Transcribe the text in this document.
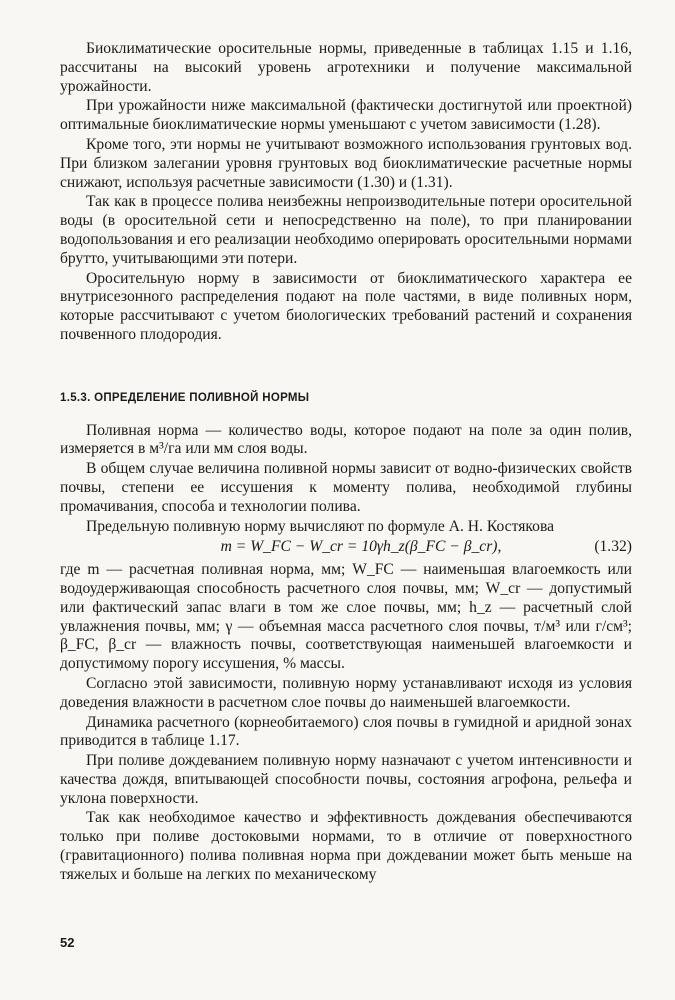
Биоклиматические оросительные нормы, приведенные в таблицах 1.15 и 1.16, рассчитаны на высокий уровень агротехники и получение максимальной урожайности.

При урожайности ниже максимальной (фактически достигнутой или проектной) оптимальные биоклиматические нормы уменьшают с учетом зависимости (1.28).

Кроме того, эти нормы не учитывают возможного использования грунтовых вод. При близком залегании уровня грунтовых вод биоклиматические расчетные нормы снижают, используя расчетные зависимости (1.30) и (1.31).

Так как в процессе полива неизбежны непроизводительные потери оросительной воды (в оросительной сети и непосредственно на поле), то при планировании водопользования и его реализации необходимо оперировать оросительными нормами брутто, учитывающими эти потери.

Оросительную норму в зависимости от биоклиматического характера ее внутрисезонного распределения подают на поле частями, в виде поливных норм, которые рассчитывают с учетом биологических требований растений и сохранения почвенного плодородия.

1.5.3. ОПРЕДЕЛЕНИЕ ПОЛИВНОЙ НОРМЫ

Поливная норма — количество воды, которое подают на поле за один полив, измеряется в м³/га или мм слоя воды.

В общем случае величина поливной нормы зависит от водно-физических свойств почвы, степени ее иссушения к моменту полива, необходимой глубины промачивания, способа и технологии полива.

Предельную поливную норму вычисляют по формуле А. Н. Костякова

m = W_FC − W_cr = 10γh_z(β_FC − β_cr),	(1.32)

где m — расчетная поливная норма, мм; W_FC — наименьшая влагоемкость или водоудерживающая способность расчетного слоя почвы, мм; W_cr — допустимый или фактический запас влаги в том же слое почвы, мм; h_z — расчетный слой увлажнения почвы, мм; γ — объемная масса расчетного слоя почвы, т/м³ или г/см³; β_FC, β_cr — влажность почвы, соответствующая наименьшей влагоемкости и допустимому порогу иссушения, % массы.

Согласно этой зависимости, поливную норму устанавливают исходя из условия доведения влажности в расчетном слое почвы до наименьшей влагоемкости.

Динамика расчетного (корнеобитаемого) слоя почвы в гумидной и аридной зонах приводится в таблице 1.17.

При поливе дождеванием поливную норму назначают с учетом интенсивности и качества дождя, впитывающей способности почвы, состояния агрофона, рельефа и уклона поверхности.

Так как необходимое качество и эффективность дождевания обеспечиваются только при поливе достоковыми нормами, то в отличие от поверхностного (гравитационного) полива поливная норма при дождевании может быть меньше на тяжелых и больше на легких по механическому

52
